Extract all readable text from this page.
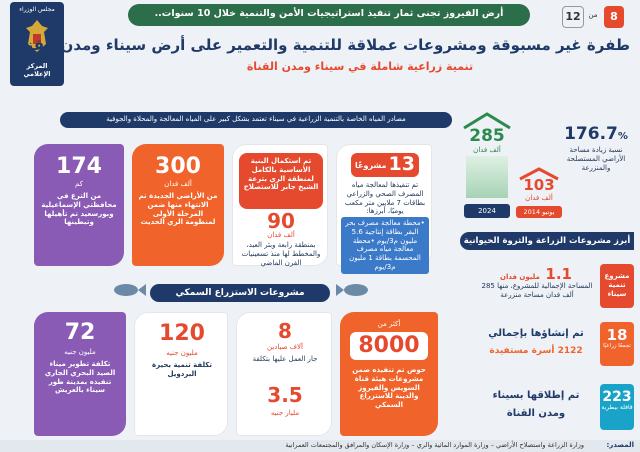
أرض الفيروز تجنى ثمار تنفيذ استراتيجيات الأمن والتنمية خلال 10 سنوات..	8
من
12
مجلس الوزراء
المركز الإعلامي
طفرة غير مسبوقة ومشروعات عملاقة للتنمية والتعمير على أرض سيناء ومدن القناة
تنمية زراعية شاملة في سيناء ومدن القناة
مصادر المياه الخاصة بالتنمية الزراعية في سيناء تعتمد بشكل كبير على المياه المعالجة والمحلاة والجوفية
13
مشروعًا
تم تنفيذها لمعالجة مياه المصرف الصحي والزراعي بطاقات 7 ملايين متر مكعب يوميًا، أبرزها:
•محطة معالجة مصرف بحر البقر بطاقة إنتاجية 5.6 مليون م3/يوم •محطة معالجة مياه مصرف المحسمة بطاقة 1 مليون م3/يوم
تم استكمال البنية الأساسية بالكامل لمنطقة الري بترعة الشيخ جابر للاستصلاح
90
ألف فدان
بمنطقة رابعة وبئر العبد، والمخطط لها منذ تسعينيات القرن الماضي
300
ألف فدان
من الأراضي الجديدة تم الانتهاء منها ضمن المرحلة الأولى لمنظومة الري الحديث
174
كم
من الترع في محافظتي الإسماعيلية وبورسعيد تم تأهيلها وتبطينها
176.7%
نسبة زيادة مساحة الأراضي المستصلحة والمنزرعة
285
ألف فدان
2024
103
ألف فدان
يونيو 2014
أبرز مشروعات الزراعة والثروة الحيوانية
مشروع تنمية سيناء
1.1 مليون فدان
المساحة الإجمالية للمشروع، منها 285 ألف فدان مساحة منزرعة
18
تجمعًا زراعيًا
تم إنشاؤها بإجمالي
2122 أسرة مستفيدة
223
قافلة بيطرية
تم إطلاقها بسيناء
ومدن القناة
مشروعات الاستزراع السمكي
أكثر من
8000
حوض تم تنفيذه ضمن مشروعات هيئة قناة السويس والفيروز والديبة للاستزراع السمكي
8
آلاف صيادين
جار العمل عليها بتكلفة
3.5
مليار جنيه
120
مليون جنيه
تكلفة تنمية بحيرة البردويل
72
مليون جنيه
تكلفة تطوير ميناء الصيد البحري الجاري تنفيذه بمدينة طور سيناء بالعريش
المصدر:
وزارة الزراعة واستصلاح الأراضي – وزارة الموارد المائية والري – وزارة الإسكان والمرافق والمجتمعات العمرانية
